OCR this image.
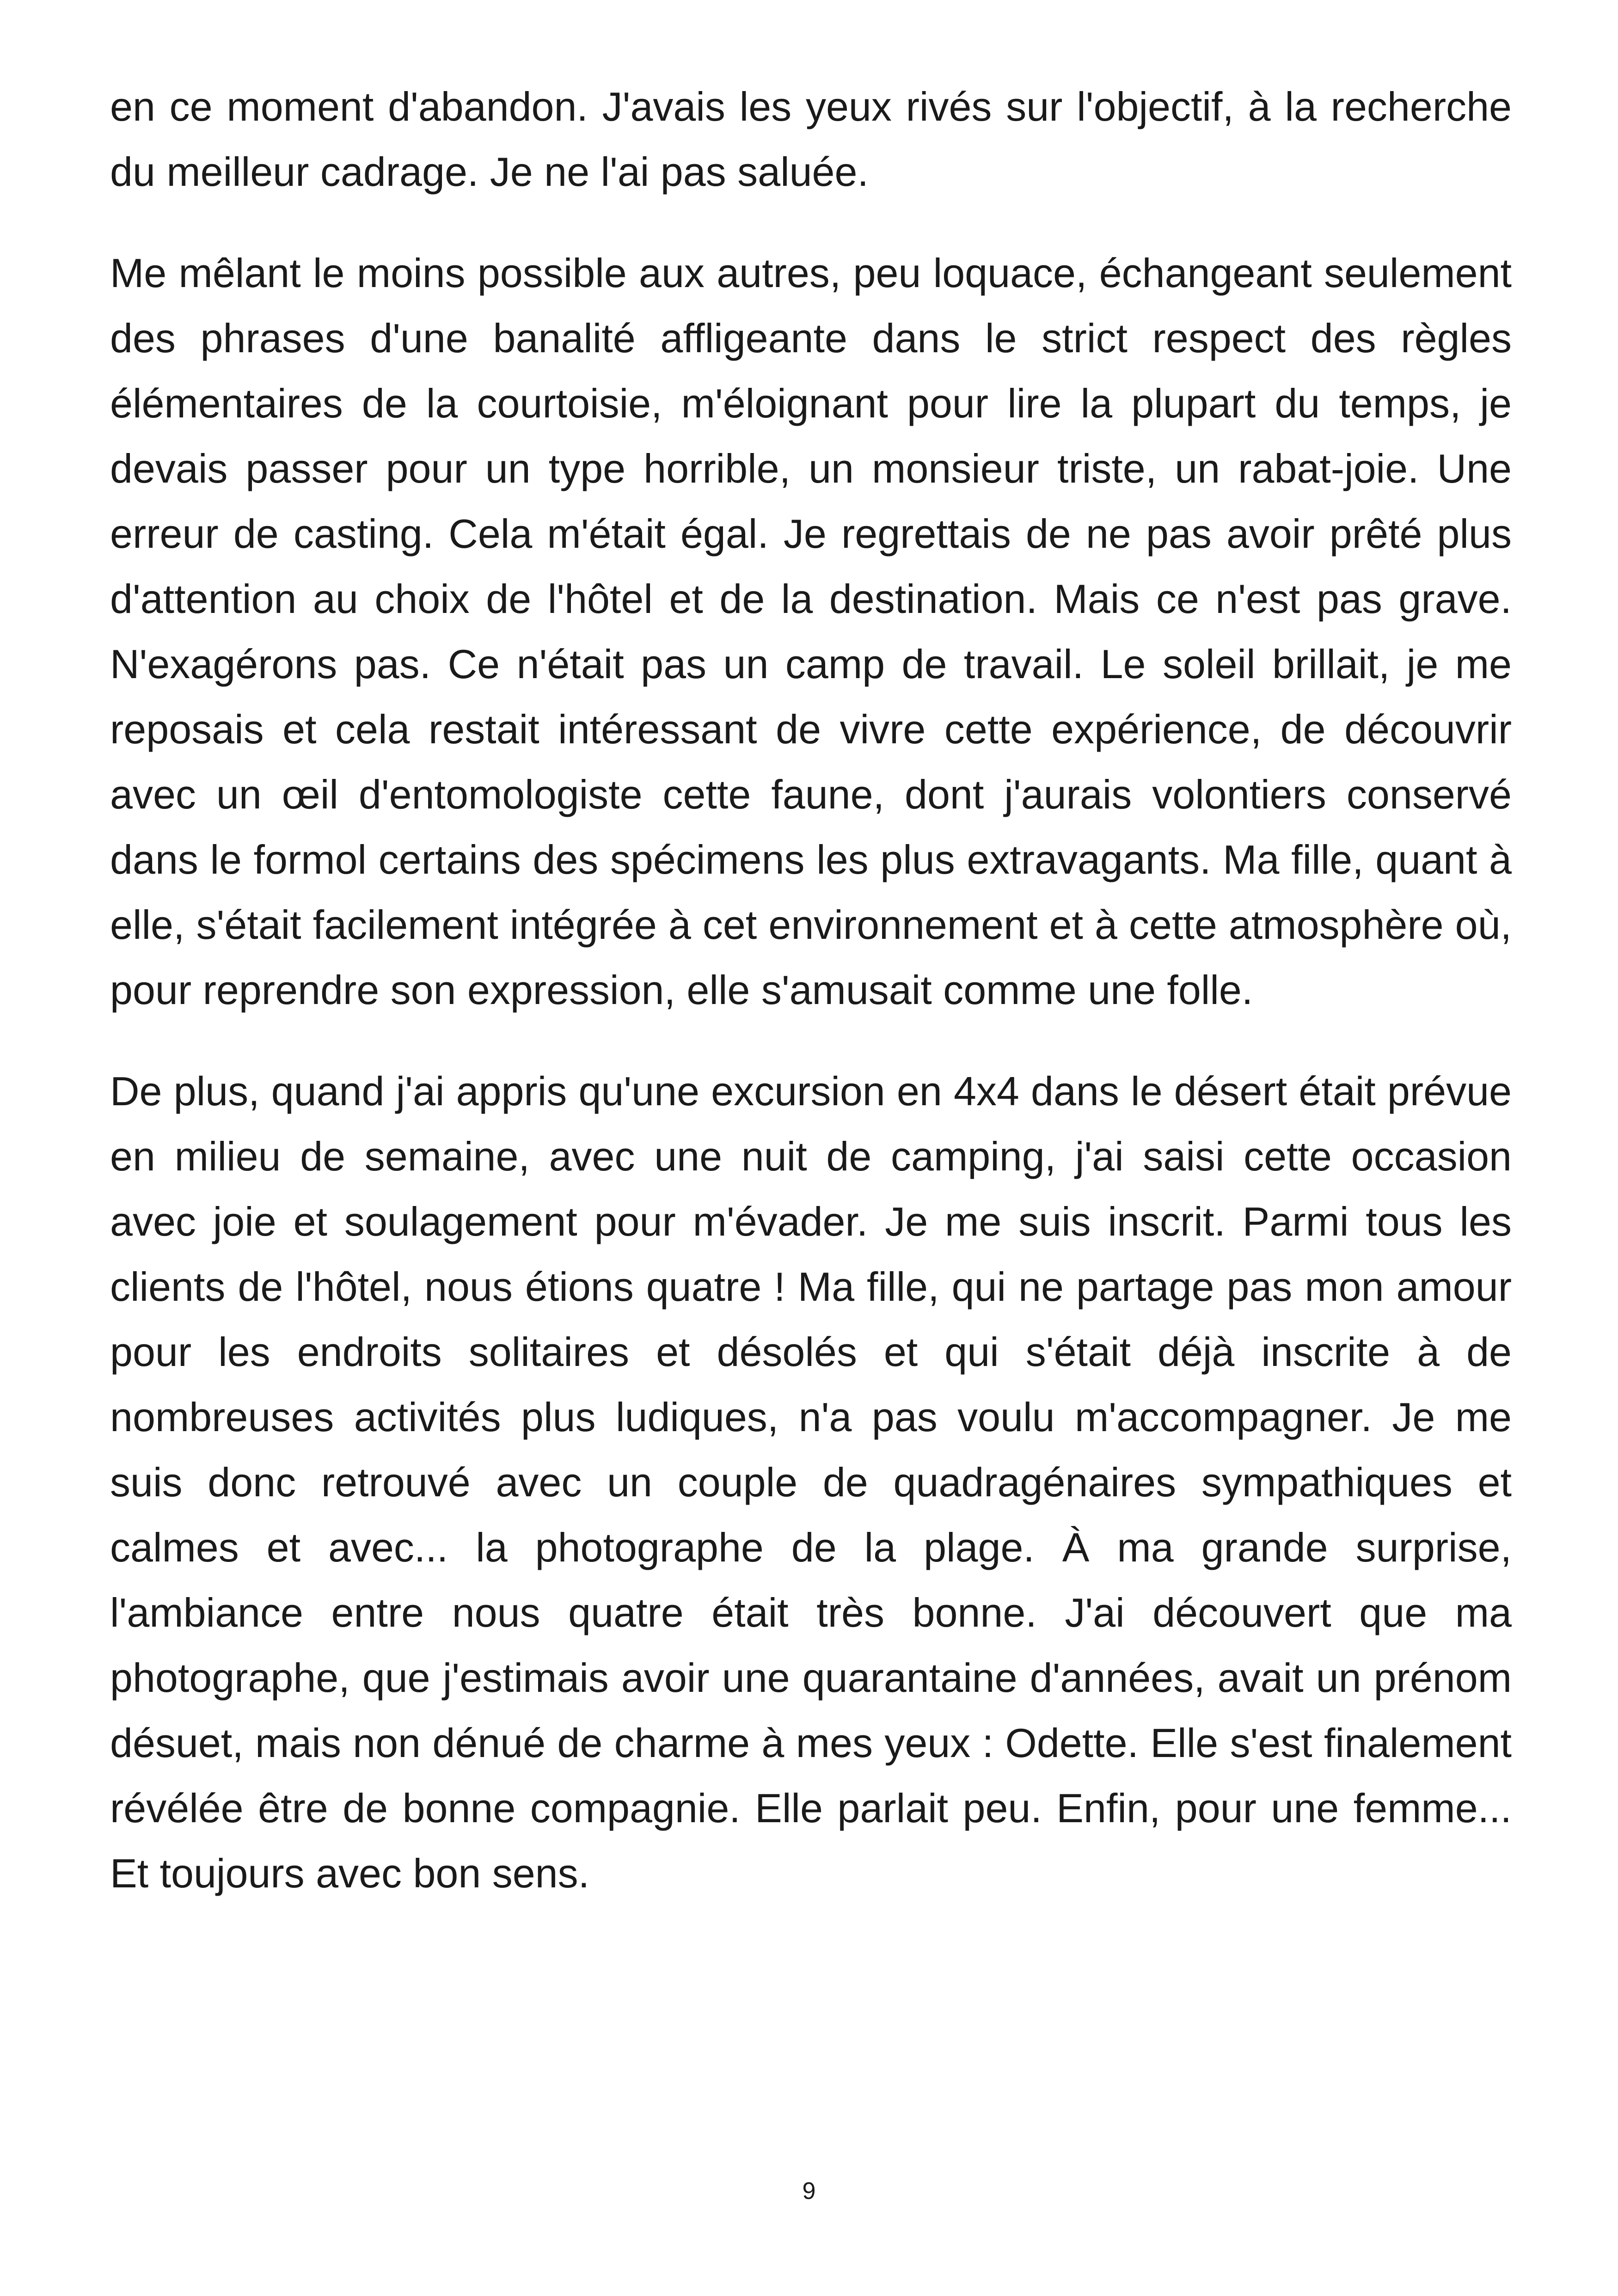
en ce moment d'abandon. J'avais les yeux rivés sur l'objectif, à la recherche du meilleur cadrage. Je ne l'ai pas saluée.

Me mêlant le moins possible aux autres, peu loquace, échangeant seulement des phrases d'une banalité affligeante dans le strict respect des règles élémentaires de la courtoisie, m'éloignant pour lire la plupart du temps, je devais passer pour un type horrible, un monsieur triste, un rabat-joie. Une erreur de casting. Cela m'était égal. Je regrettais de ne pas avoir prêté plus d'attention au choix de l'hôtel et de la destination. Mais ce n'est pas grave. N'exagérons pas. Ce n'était pas un camp de travail. Le soleil brillait, je me reposais et cela restait intéressant de vivre cette expérience, de découvrir avec un œil d'entomologiste cette faune, dont j'aurais volontiers conservé dans le formol certains des spécimens les plus extravagants. Ma fille, quant à elle, s'était facilement intégrée à cet environnement et à cette atmosphère où, pour reprendre son expression, elle s'amusait comme une folle.

De plus, quand j'ai appris qu'une excursion en 4x4 dans le désert était prévue en milieu de semaine, avec une nuit de camping, j'ai saisi cette occasion avec joie et soulagement pour m'évader. Je me suis inscrit. Parmi tous les clients de l'hôtel, nous étions quatre ! Ma fille, qui ne partage pas mon amour pour les endroits solitaires et désolés et qui s'était déjà inscrite à de nombreuses activités plus ludiques, n'a pas voulu m'accompagner. Je me suis donc retrouvé avec un couple de quadragénaires sympathiques et calmes et avec... la photographe de la plage. À ma grande surprise, l'ambiance entre nous quatre était très bonne. J'ai découvert que ma photographe, que j'estimais avoir une quarantaine d'années, avait un prénom désuet, mais non dénué de charme à mes yeux : Odette. Elle s'est finalement révélée être de bonne compagnie. Elle parlait peu. Enfin, pour une femme... Et toujours avec bon sens.

9
